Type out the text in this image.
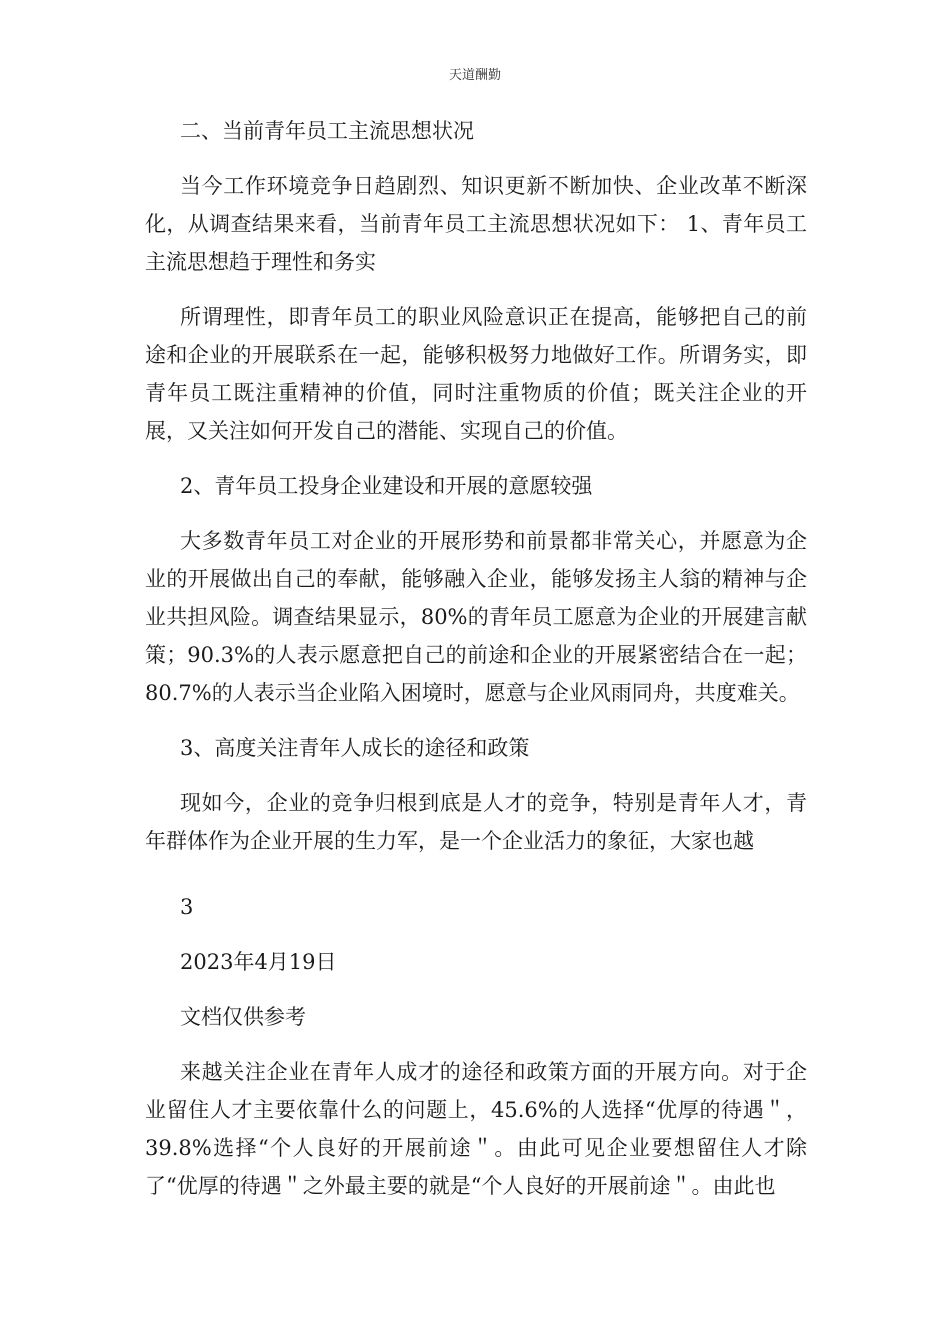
天道酬勤

二、当前青年员工主流思想状况

当今工作环境竞争日趋剧烈、知识更新不断加快、企业改革不断深化，从调查结果来看，当前青年员工主流思想状况如下： 1、青年员工主流思想趋于理性和务实

所谓理性，即青年员工的职业风险意识正在提高，能够把自己的前途和企业的开展联系在一起，能够积极努力地做好工作。所谓务实，即青年员工既注重精神的价值，同时注重物质的价值；既关注企业的开展，又关注如何开发自己的潜能、实现自己的价值。

2、青年员工投身企业建设和开展的意愿较强

大多数青年员工对企业的开展形势和前景都非常关心，并愿意为企业的开展做出自己的奉献，能够融入企业，能够发扬主人翁的精神与企业共担风险。调查结果显示，80%的青年员工愿意为企业的开展建言献策；90.3%的人表示愿意把自己的前途和企业的开展紧密结合在一起；80.7%的人表示当企业陷入困境时，愿意与企业风雨同舟，共度难关。

3、高度关注青年人成长的途径和政策

现如今，企业的竞争归根到底是人才的竞争，特别是青年人才，青年群体作为企业开展的生力军，是一个企业活力的象征，大家也越

3

2023年4月19日

文档仅供参考

来越关注企业在青年人成才的途径和政策方面的开展方向。对于企业留住人才主要依靠什么的问题上，45.6%的人选择“优厚的待遇＂，39.8%选择“个人良好的开展前途＂。由此可见企业要想留住人才除了“优厚的待遇＂之外最主要的就是“个人良好的开展前途＂。由此也
